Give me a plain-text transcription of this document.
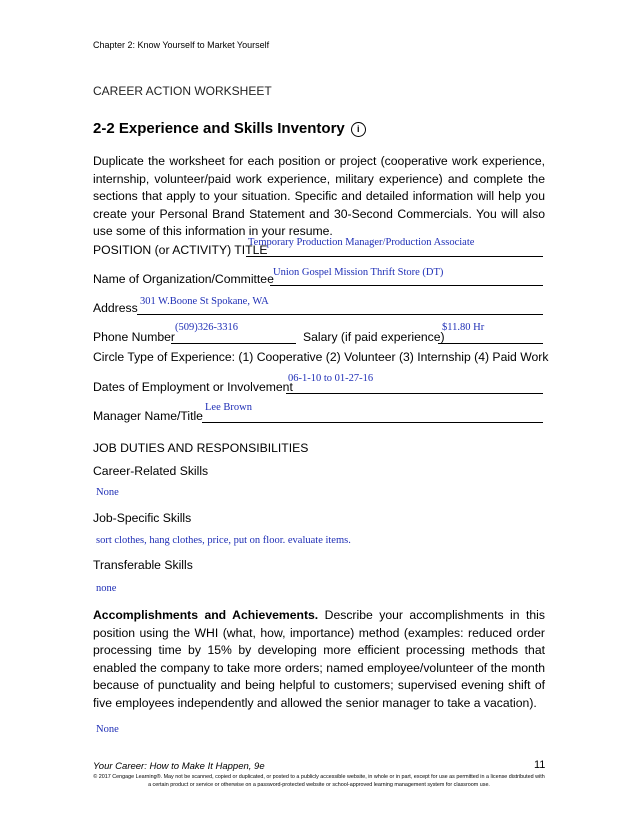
Chapter 2: Know Yourself to Market Yourself
CAREER ACTION WORKSHEET
2-2 Experience and Skills Inventory i

Duplicate the worksheet for each position or project (cooperative work experience, internship, volunteer/paid work experience, military experience) and complete the sections that apply to your situation. Specific and detailed information will help you create your Personal Brand Statement and 30-Second Commercials. You will also use some of this information in your resume.

POSITION (or ACTIVITY) TITLE
Temporary Production Manager/Production Associate
Name of Organization/Committee Union Gospel Mission Thrift Store (DT)
Address 301 W.Boone St Spokane, WA
Phone Number
(509)326-3316
Salary (if paid experience)
$11.80 Hr
Circle Type of Experience: (1) Cooperative (2) Volunteer (3) Internship (4) Paid Work
Dates of Employment or Involvement
06-1-10 to 01-27-16
Manager Name/Title
Lee Brown
JOB DUTIES AND RESPONSIBILITIES
Career-Related Skills
None
Job-Specific Skills
sort clothes, hang clothes, price, put on floor. evaluate items.
Transferable Skills
none

Accomplishments and Achievements. Describe your accomplishments in this position using the WHI (what, how, importance) method (examples: reduced order processing time by 15% by developing more efficient processing methods that enabled the company to take more orders; named employee/volunteer of the month because of punctuality and being helpful to customers; supervised evening shift of five employees independently and allowed the senior manager to take a vacation).

None
Your Career: How to Make It Happen, 9e	11
© 2017 Cengage Learning®. May not be scanned, copied or duplicated, or posted to a publicly accessible website, in whole or in part, except for use as permitted in a license distributed with a certain product or service or otherwise on a password-protected website or school-approved learning management system for classroom use.
